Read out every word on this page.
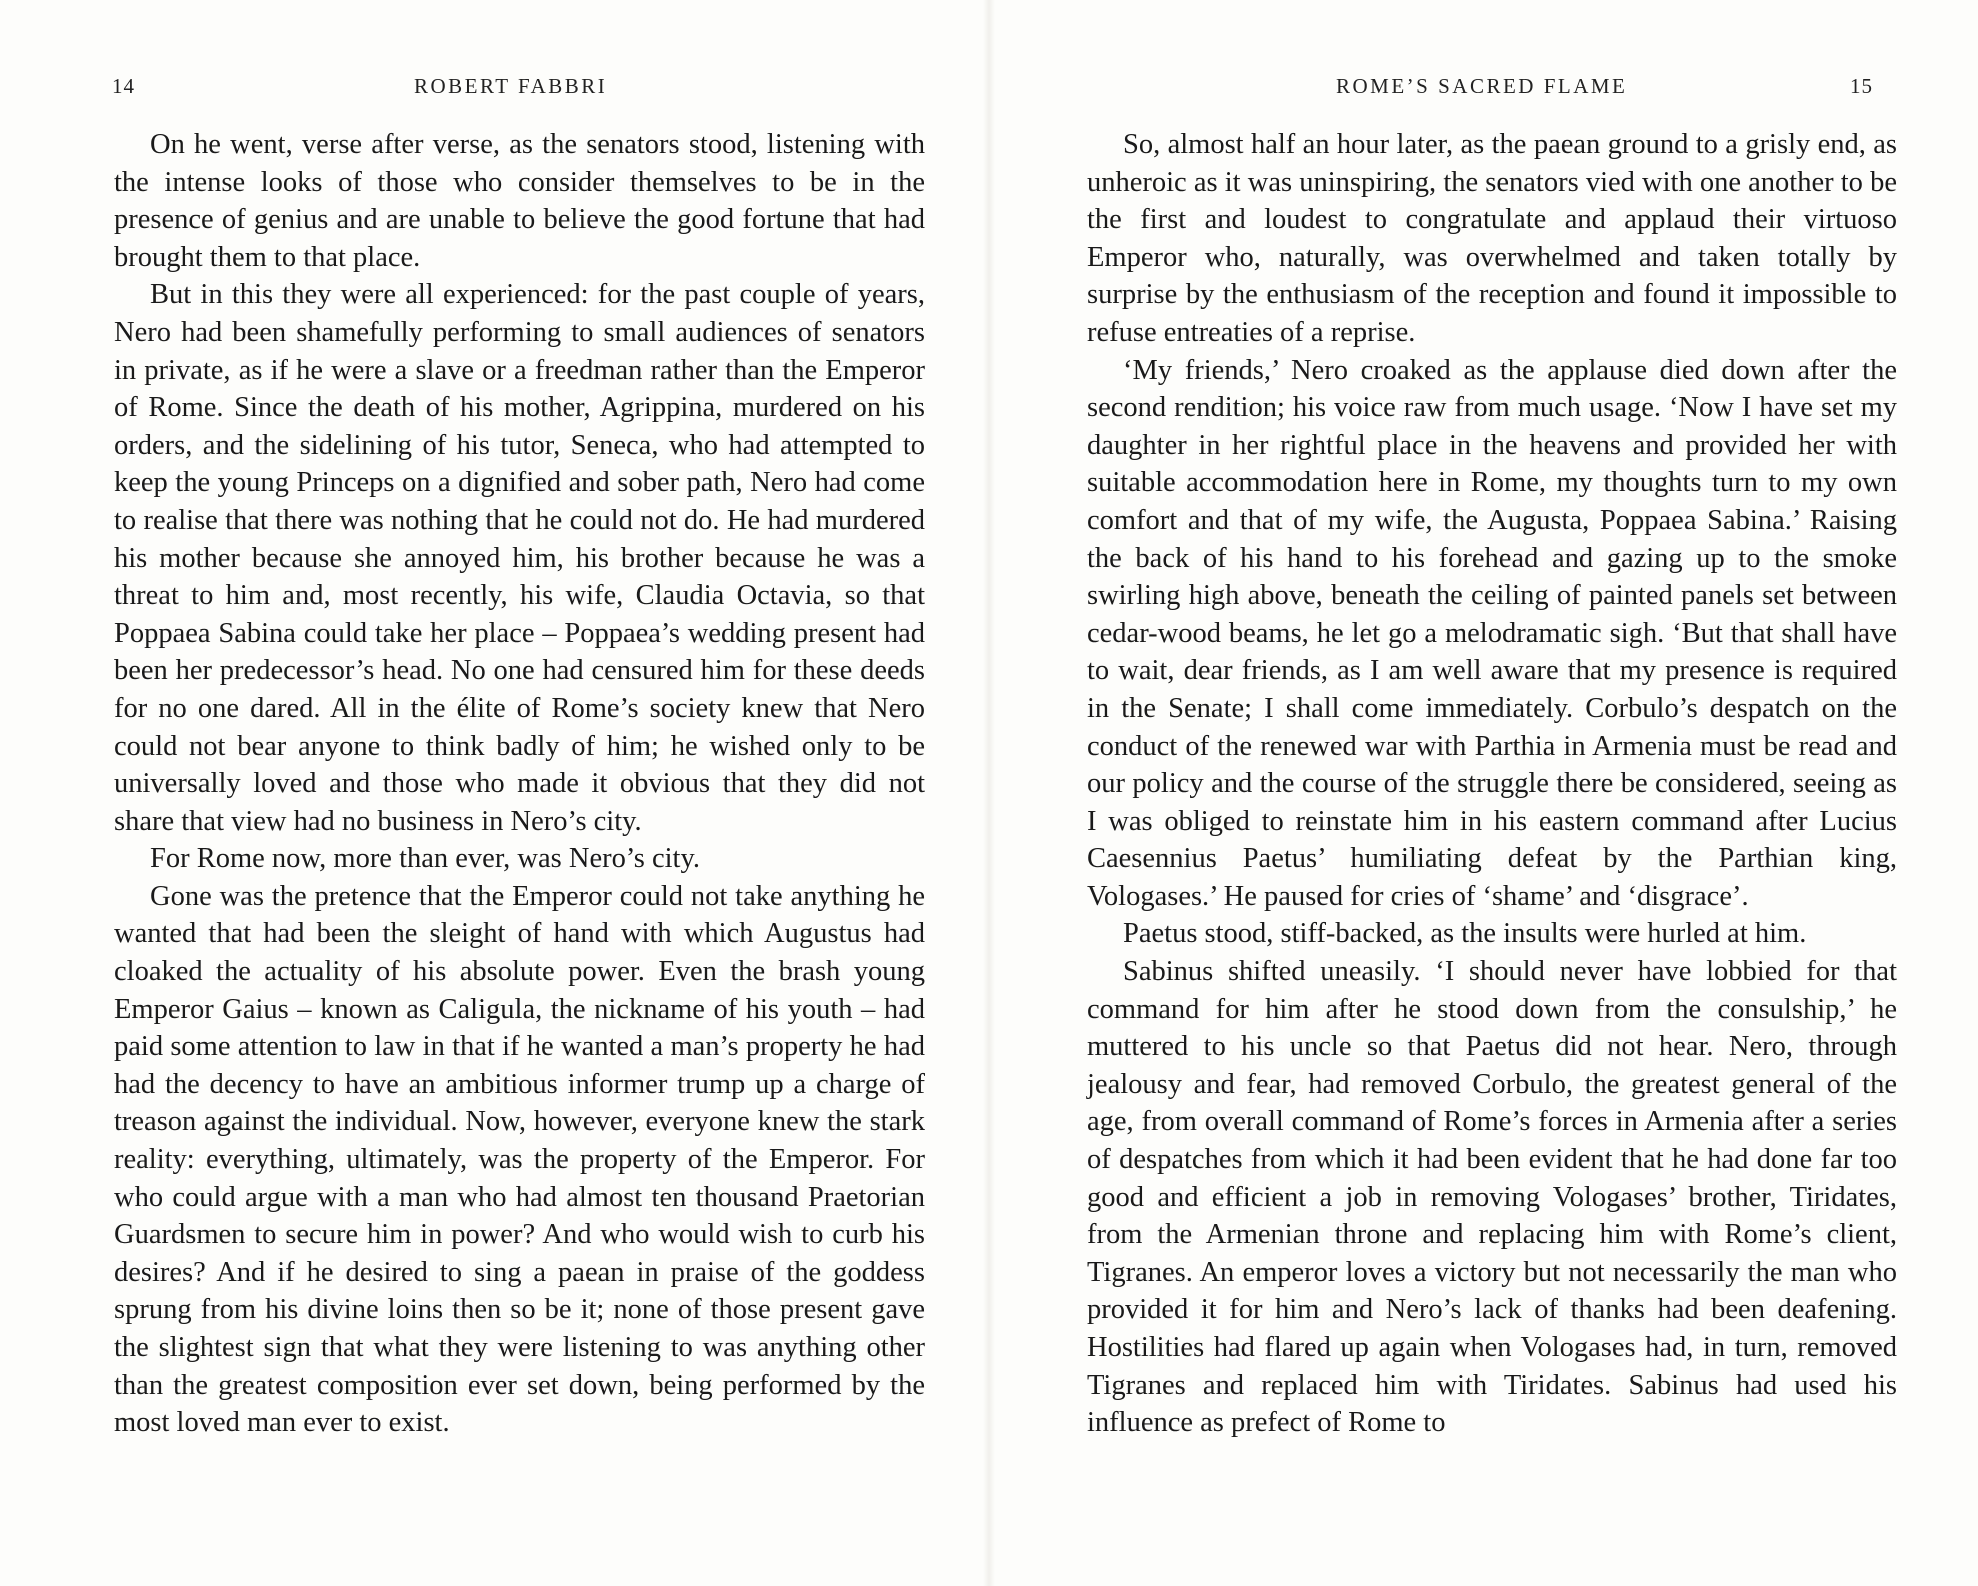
14	ROBERT FABBRI

On he went, verse after verse, as the senators stood, listening with the intense looks of those who consider themselves to be in the presence of genius and are unable to believe the good fortune that had brought them to that place.

But in this they were all experienced: for the past couple of years, Nero had been shamefully performing to small audiences of senators in private, as if he were a slave or a freedman rather than the Emperor of Rome. Since the death of his mother, Agrippina, murdered on his orders, and the sidelining of his tutor, Seneca, who had attempted to keep the young Princeps on a dignified and sober path, Nero had come to realise that there was nothing that he could not do. He had murdered his mother because she annoyed him, his brother because he was a threat to him and, most recently, his wife, Claudia Octavia, so that Poppaea Sabina could take her place – Poppaea’s wedding present had been her predecessor’s head. No one had censured him for these deeds for no one dared. All in the élite of Rome’s society knew that Nero could not bear anyone to think badly of him; he wished only to be universally loved and those who made it obvious that they did not share that view had no business in Nero’s city.

For Rome now, more than ever, was Nero’s city.

Gone was the pretence that the Emperor could not take anything he wanted that had been the sleight of hand with which Augustus had cloaked the actuality of his absolute power. Even the brash young Emperor Gaius – known as Caligula, the nickname of his youth – had paid some attention to law in that if he wanted a man’s property he had had the decency to have an ambitious informer trump up a charge of treason against the individual. Now, however, everyone knew the stark reality: everything, ultimately, was the property of the Emperor. For who could argue with a man who had almost ten thousand Praetorian Guardsmen to secure him in power? And who would wish to curb his desires? And if he desired to sing a paean in praise of the goddess sprung from his divine loins then so be it; none of those present gave the slightest sign that what they were listening to was anything other than the greatest composition ever set down, being performed by the most loved man ever to exist.

ROME’S SACRED FLAME	15

So, almost half an hour later, as the paean ground to a grisly end, as unheroic as it was uninspiring, the senators vied with one another to be the first and loudest to congratulate and applaud their virtuoso Emperor who, naturally, was overwhelmed and taken totally by surprise by the enthusiasm of the reception and found it impossible to refuse entreaties of a reprise.

‘My friends,’ Nero croaked as the applause died down after the second rendition; his voice raw from much usage. ‘Now I have set my daughter in her rightful place in the heavens and provided her with suitable accommodation here in Rome, my thoughts turn to my own comfort and that of my wife, the Augusta, Poppaea Sabina.’ Raising the back of his hand to his forehead and gazing up to the smoke swirling high above, beneath the ceiling of painted panels set between cedar-wood beams, he let go a melodramatic sigh. ‘But that shall have to wait, dear friends, as I am well aware that my presence is required in the Senate; I shall come immediately. Corbulo’s despatch on the conduct of the renewed war with Parthia in Armenia must be read and our policy and the course of the struggle there be considered, seeing as I was obliged to reinstate him in his eastern command after Lucius Caesennius Paetus’ humiliating defeat by the Parthian king, Vologases.’ He paused for cries of ‘shame’ and ‘disgrace’.

Paetus stood, stiff-backed, as the insults were hurled at him.

Sabinus shifted uneasily. ‘I should never have lobbied for that command for him after he stood down from the consulship,’ he muttered to his uncle so that Paetus did not hear. Nero, through jealousy and fear, had removed Corbulo, the greatest general of the age, from overall command of Rome’s forces in Armenia after a series of despatches from which it had been evident that he had done far too good and efficient a job in removing Vologases’ brother, Tiridates, from the Armenian throne and replacing him with Rome’s client, Tigranes. An emperor loves a victory but not necessarily the man who provided it for him and Nero’s lack of thanks had been deafening. Hostilities had flared up again when Vologases had, in turn, removed Tigranes and replaced him with Tiridates. Sabinus had used his influence as prefect of Rome to
